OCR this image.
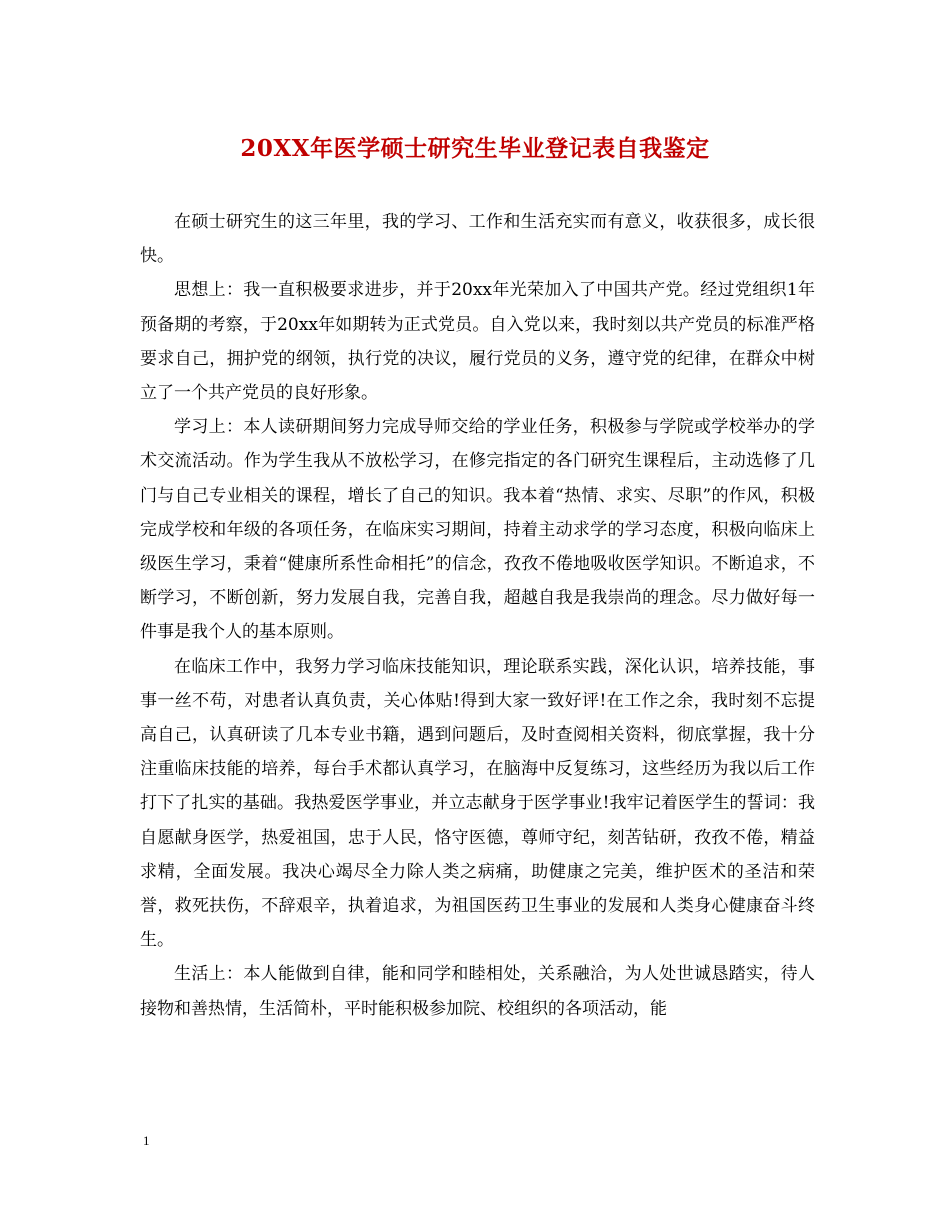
20XX年医学硕士研究生毕业登记表自我鉴定

在硕士研究生的这三年里，我的学习、工作和生活充实而有意义，收获很多，成长很快。

思想上：我一直积极要求进步，并于20xx年光荣加入了中国共产党。经过党组织1年预备期的考察，于20xx年如期转为正式党员。自入党以来，我时刻以共产党员的标准严格要求自己，拥护党的纲领，执行党的决议，履行党员的义务，遵守党的纪律，在群众中树立了一个共产党员的良好形象。

学习上：本人读研期间努力完成导师交给的学业任务，积极参与学院或学校举办的学术交流活动。作为学生我从不放松学习，在修完指定的各门研究生课程后，主动选修了几门与自己专业相关的课程，增长了自己的知识。我本着“热情、求实、尽职”的作风，积极完成学校和年级的各项任务，在临床实习期间，持着主动求学的学习态度，积极向临床上级医生学习，秉着“健康所系性命相托”的信念，孜孜不倦地吸收医学知识。不断追求，不断学习，不断创新，努力发展自我，完善自我，超越自我是我崇尚的理念。尽力做好每一件事是我个人的基本原则。

在临床工作中，我努力学习临床技能知识，理论联系实践，深化认识，培养技能，事事一丝不苟，对患者认真负责，关心体贴!得到大家一致好评!在工作之余，我时刻不忘提高自己，认真研读了几本专业书籍，遇到问题后，及时查阅相关资料，彻底掌握，我十分注重临床技能的培养，每台手术都认真学习，在脑海中反复练习，这些经历为我以后工作打下了扎实的基础。我热爱医学事业，并立志献身于医学事业!我牢记着医学生的誓词：我自愿献身医学，热爱祖国，忠于人民，恪守医德，尊师守纪，刻苦钻研，孜孜不倦，精益求精，全面发展。我决心竭尽全力除人类之病痛，助健康之完美，维护医术的圣洁和荣誉，救死扶伤，不辞艰辛，执着追求，为祖国医药卫生事业的发展和人类身心健康奋斗终生。

生活上：本人能做到自律，能和同学和睦相处，关系融洽，为人处世诚恳踏实，待人接物和善热情，生活简朴，平时能积极参加院、校组织的各项活动，能

1
